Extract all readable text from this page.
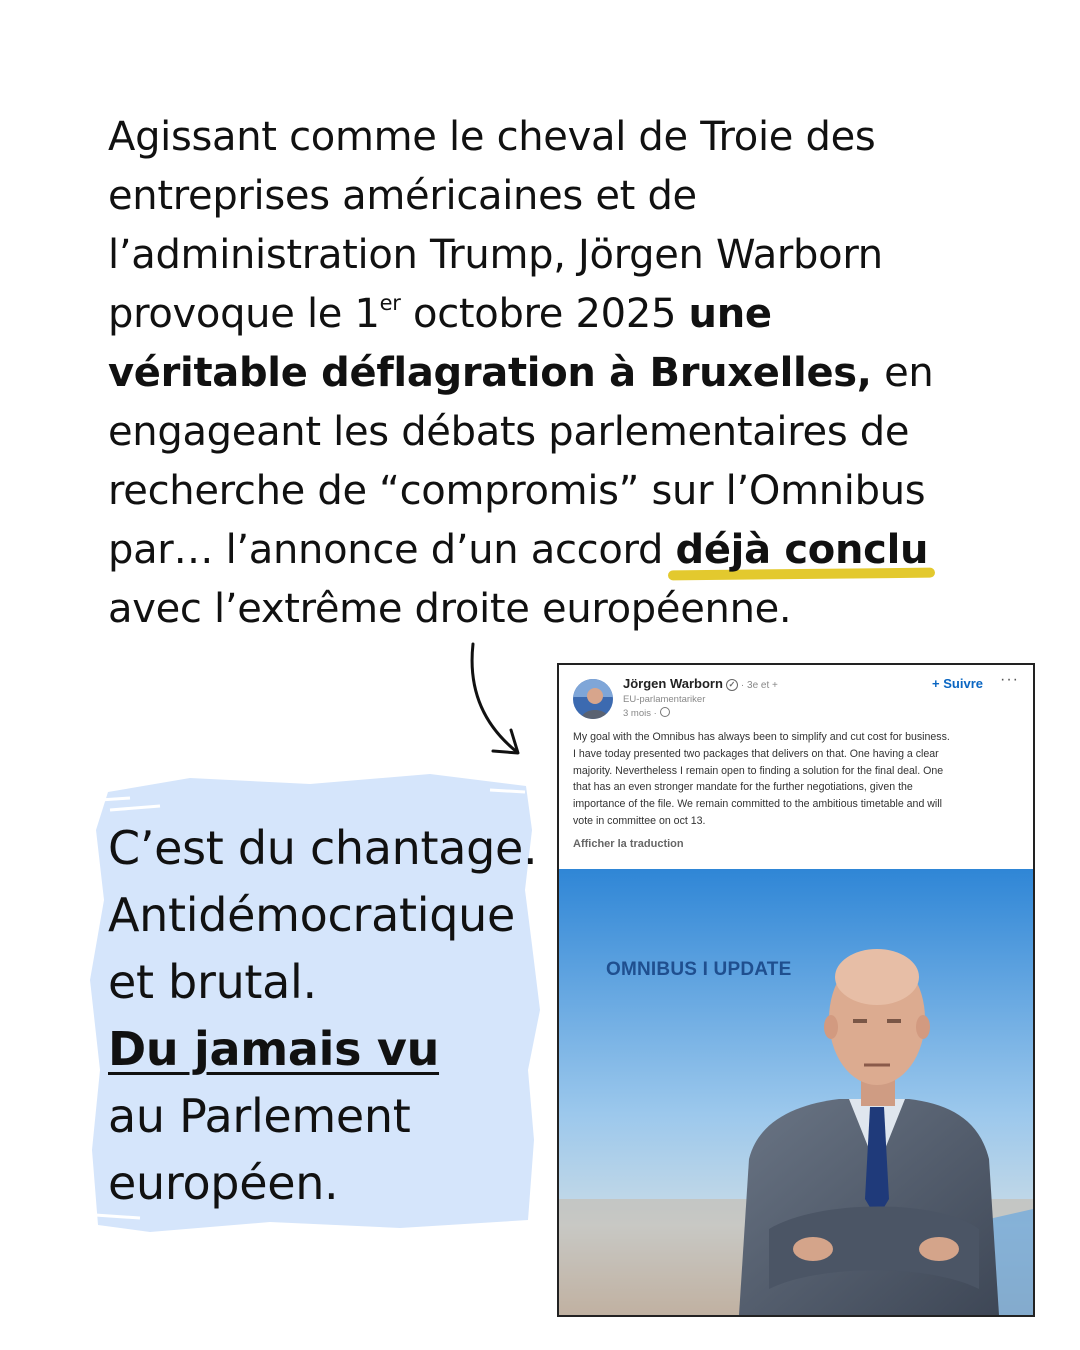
Agissant comme le cheval de Troie des
entreprises américaines et de
l’administration Trump, Jörgen Warborn
provoque le 1er octobre 2025 une
véritable déflagration à Bruxelles, en
engageant les débats parlementaires de
recherche de “compromis” sur l’Omnibus
par… l’annonce d’un accord déjà conclu
avec l’extrême droite européenne.
C’est du chantage.
Antidémocratique
et brutal.
Du jamais vu
au Parlement
européen.
Jörgen Warborn ✓ · 3e et +
EU-parlamentariker
3 mois ·
+ Suivre ···
My goal with the Omnibus has always been to simplify and cut cost for business.
I have today presented two packages that delivers on that. One having a clear
majority. Nevertheless I remain open to finding a solution for the final deal. One
that has an even stronger mandate for the further negotiations, given the
importance of the file. We remain committed to the ambitious timetable and will
vote in committee on oct 13.
Afficher la traduction
OMNIBUS I UPDATE
